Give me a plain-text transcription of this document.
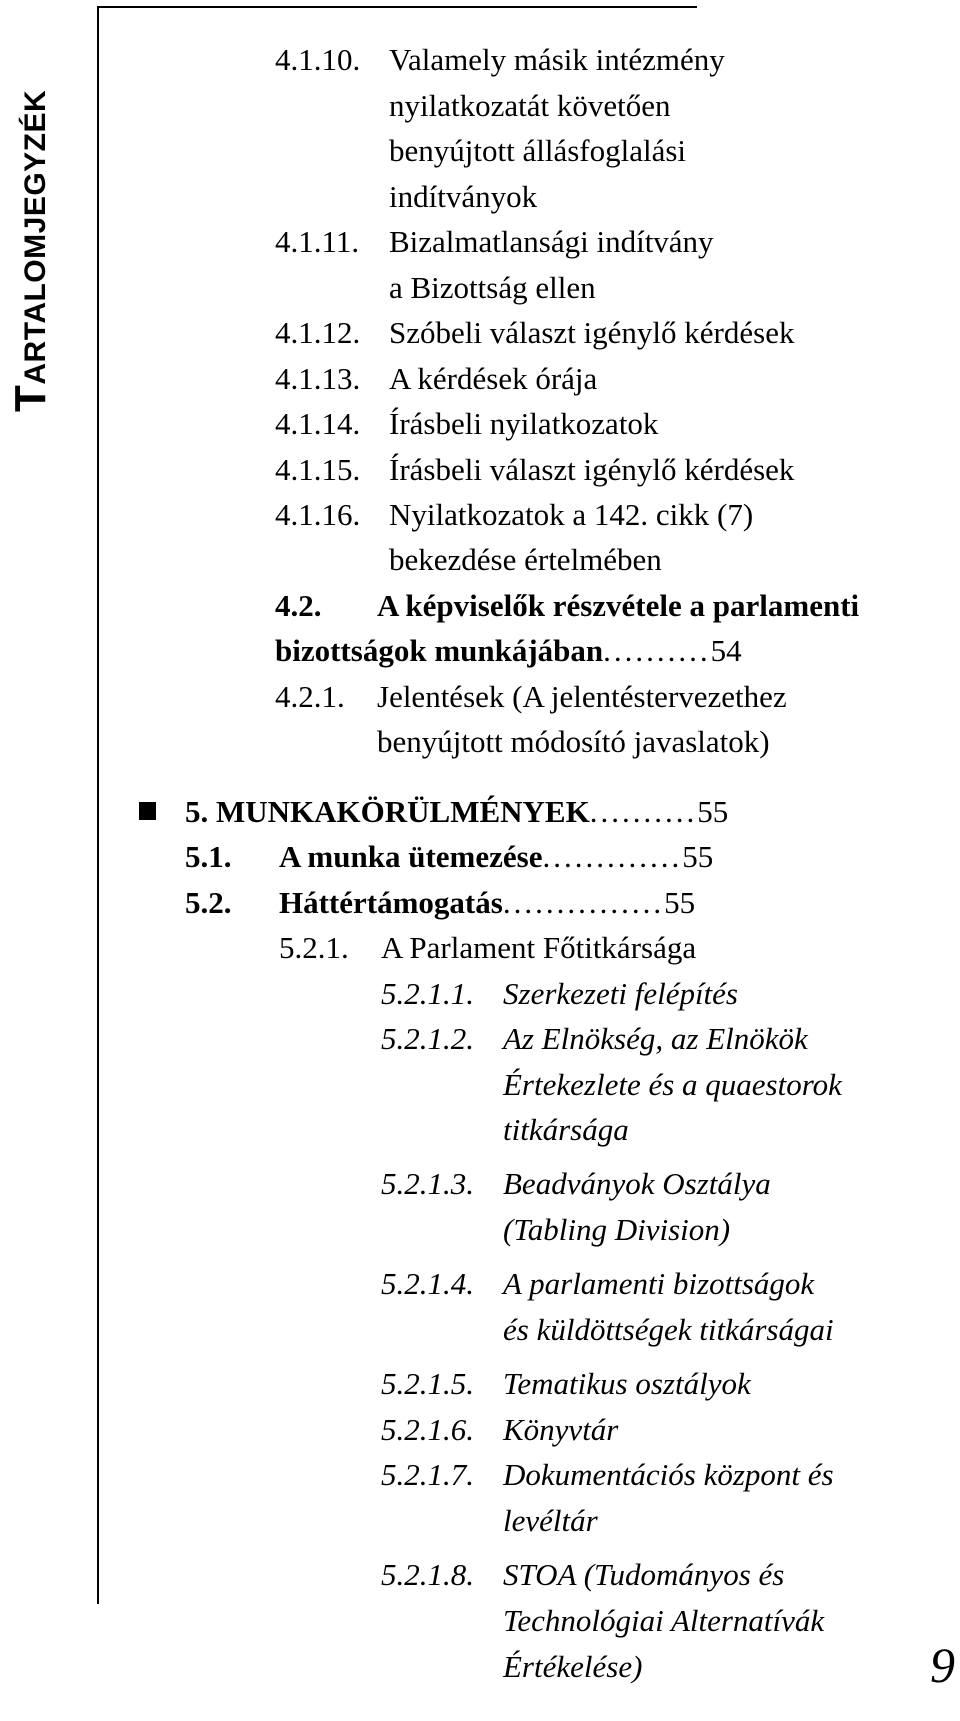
TARTALOMJEGYZÉK
4.1.10. Valamely másik intézmény
nyilatkozatát követően
benyújtott állásfoglalási
indítványok
4.1.11. Bizalmatlansági indítvány
a Bizottság ellen
4.1.12. Szóbeli választ igénylő kérdések
4.1.13. A kérdések órája
4.1.14. Írásbeli nyilatkozatok
4.1.15. Írásbeli választ igénylő kérdések
4.1.16. Nyilatkozatok a 142. cikk (7)
bekezdése értelmében
4.2. A képviselők részvétele a parlamenti
bizottságok munkájában..........54
4.2.1. Jelentések (A jelentéstervezethez
benyújtott módosító javaslatok)
5. MUNKAKÖRÜLMÉNYEK..........55
5.1. A munka ütemezése.............55
5.2. Háttértámogatás...............55
5.2.1. A Parlament Főtitkársága
5.2.1.1. Szerkezeti felépítés
5.2.1.2. Az Elnökség, az Elnökök
Értekezlete és a quaestorok
titkársága
5.2.1.3. Beadványok Osztálya
(Tabling Division)
5.2.1.4. A parlamenti bizottságok
és küldöttségek titkárságai
5.2.1.5. Tematikus osztályok
5.2.1.6. Könyvtár
5.2.1.7. Dokumentációs központ és
levéltár
5.2.1.8. STOA (Tudományos és
Technológiai Alternatívák
Értékelése)	9
